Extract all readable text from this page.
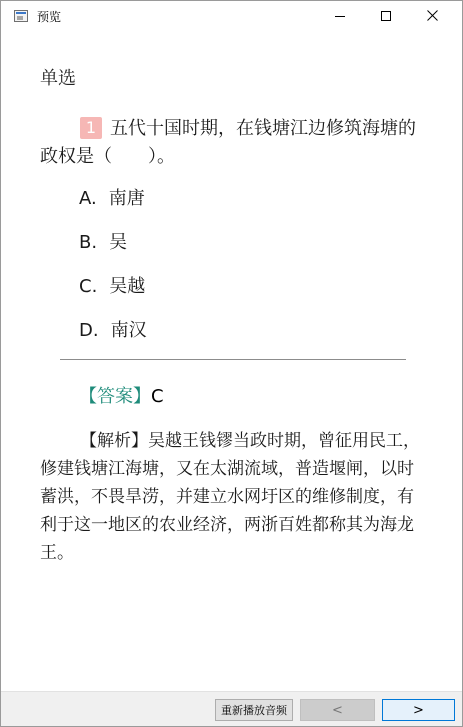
预览
单选
1 五代十国时期，在钱塘江边修筑海塘的政权是（　　）。
A. 南唐
B. 吴
C. 吴越
D. 南汉
【答案】C
【解析】吴越王钱镠当政时期，曾征用民工，修建钱塘江海塘，又在太湖流域，普造堰闸，以时蓄洪，不畏旱涝，并建立水网圩区的维修制度，有利于这一地区的农业经济，两浙百姓都称其为海龙王。
重新播放音频	<	>
